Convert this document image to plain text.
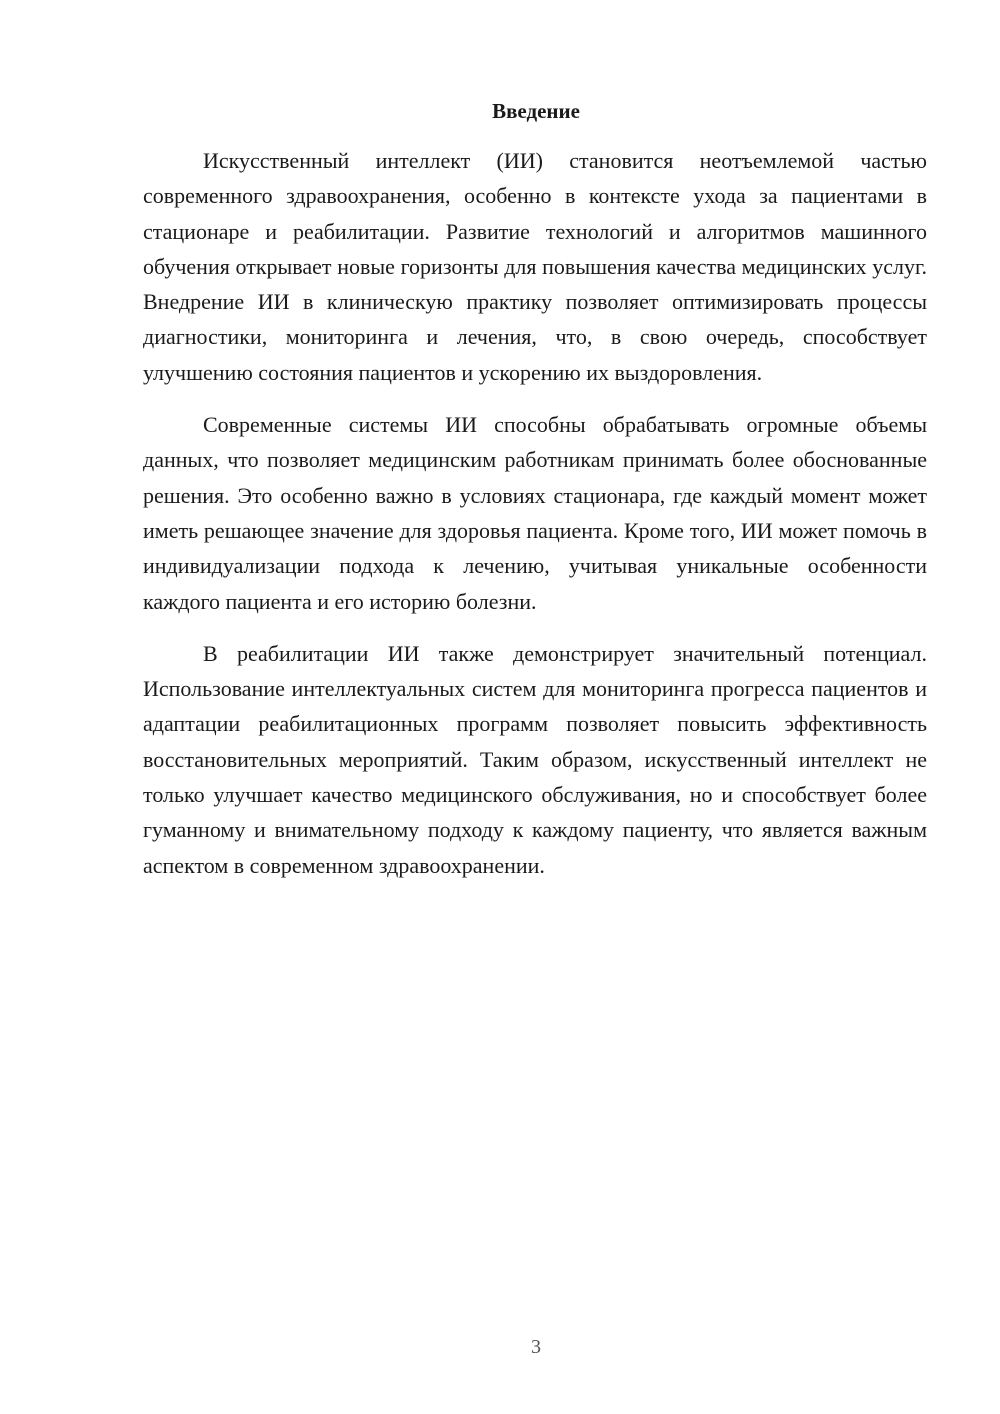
Введение

Искусственный интеллект (ИИ) становится неотъемлемой частью современного здравоохранения, особенно в контексте ухода за пациентами в стационаре и реабилитации. Развитие технологий и алгоритмов машинного обучения открывает новые горизонты для повышения качества медицинских услуг. Внедрение ИИ в клиническую практику позволяет оптимизировать процессы диагностики, мониторинга и лечения, что, в свою очередь, способствует улучшению состояния пациентов и ускорению их выздоровления.

Современные системы ИИ способны обрабатывать огромные объемы данных, что позволяет медицинским работникам принимать более обоснованные решения. Это особенно важно в условиях стационара, где каждый момент может иметь решающее значение для здоровья пациента. Кроме того, ИИ может помочь в индивидуализации подхода к лечению, учитывая уникальные особенности каждого пациента и его историю болезни.

В реабилитации ИИ также демонстрирует значительный потенциал. Использование интеллектуальных систем для мониторинга прогресса пациентов и адаптации реабилитационных программ позволяет повысить эффективность восстановительных мероприятий. Таким образом, искусственный интеллект не только улучшает качество медицинского обслуживания, но и способствует более гуманному и внимательному подходу к каждому пациенту, что является важным аспектом в современном здравоохранении.

3
